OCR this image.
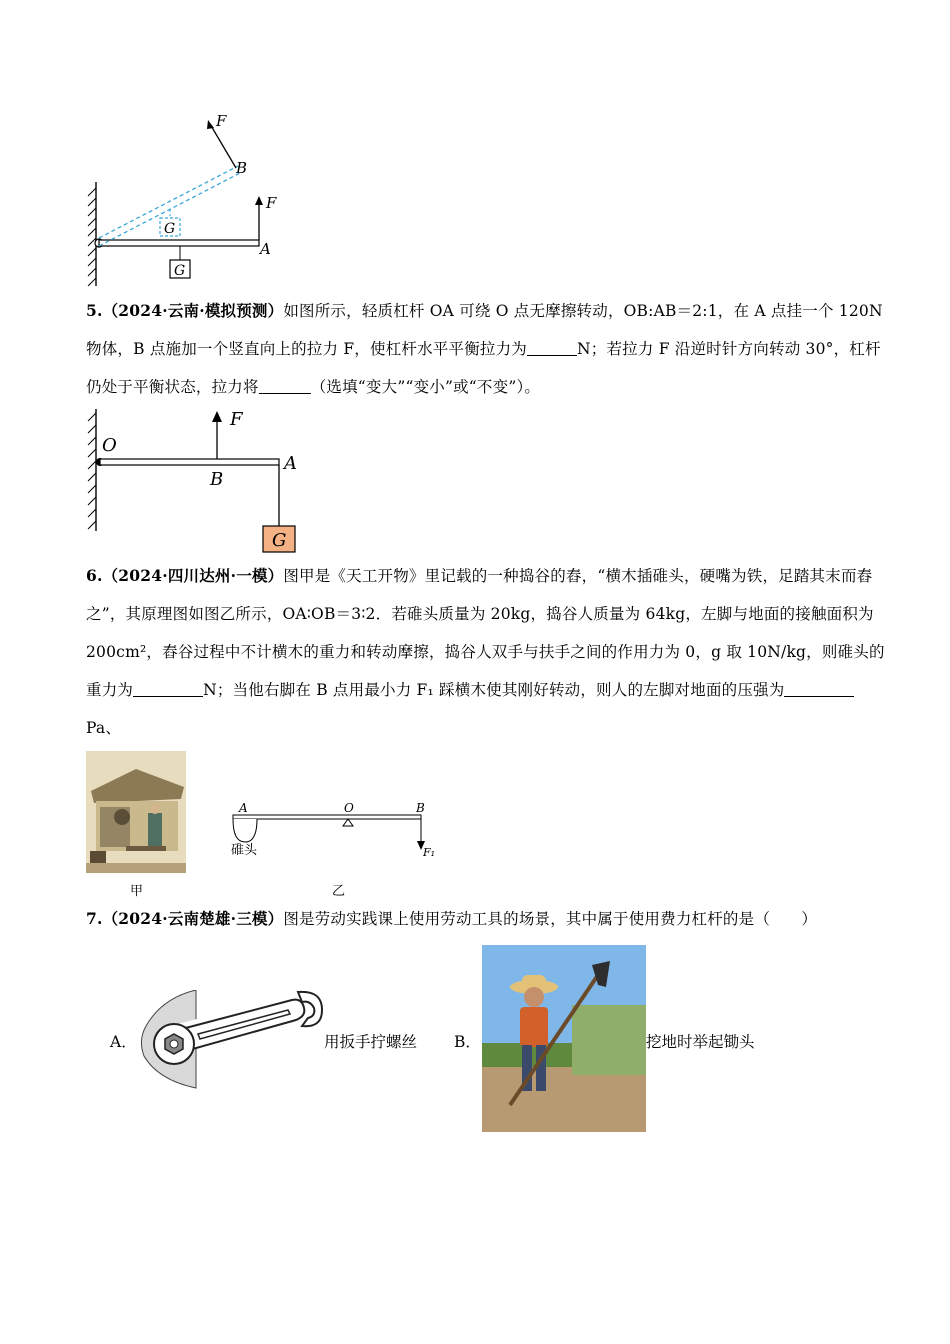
F
F
B
A
G
G
5.（2024·云南·模拟预测）如图所示，轻质杠杆 OA 可绕 O 点无摩擦转动，OB:AB＝2:1，在 A 点挂一个 120N 物体，B 点施加一个竖直向上的拉力 F，使杠杆水平平衡拉力为	N；若拉力 F 沿逆时针方向转动 30°，杠杆仍处于平衡状态，拉力将	（选填“变大”“变小”或“不变”）。
F
O
B
A
G
6.（2024·四川达州·一模）图甲是《天工开物》里记载的一种捣谷的舂，“横木插碓头，硬嘴为铁，足踏其末而舂之”，其原理图如图乙所示，OA∶OB＝3∶2．若碓头质量为 20kg，捣谷人质量为 64kg，左脚与地面的接触面积为 200cm²，舂谷过程中不计横木的重力和转动摩擦，捣谷人双手与扶手之间的作用力为 0，g 取 10N/kg，则碓头的重力为	N；当他右脚在 B 点用最小力 F₁ 踩横木使其刚好转动，则人的左脚对地面的压强为Pa、
甲
A	O	B
F₁
碓头
乙
7.（2024·云南楚雄·三模）图是劳动实践课上使用劳动工具的场景，其中属于使用费力杠杆的是（　　）
A．	用扳手拧螺丝 B．	挖地时举起锄头
